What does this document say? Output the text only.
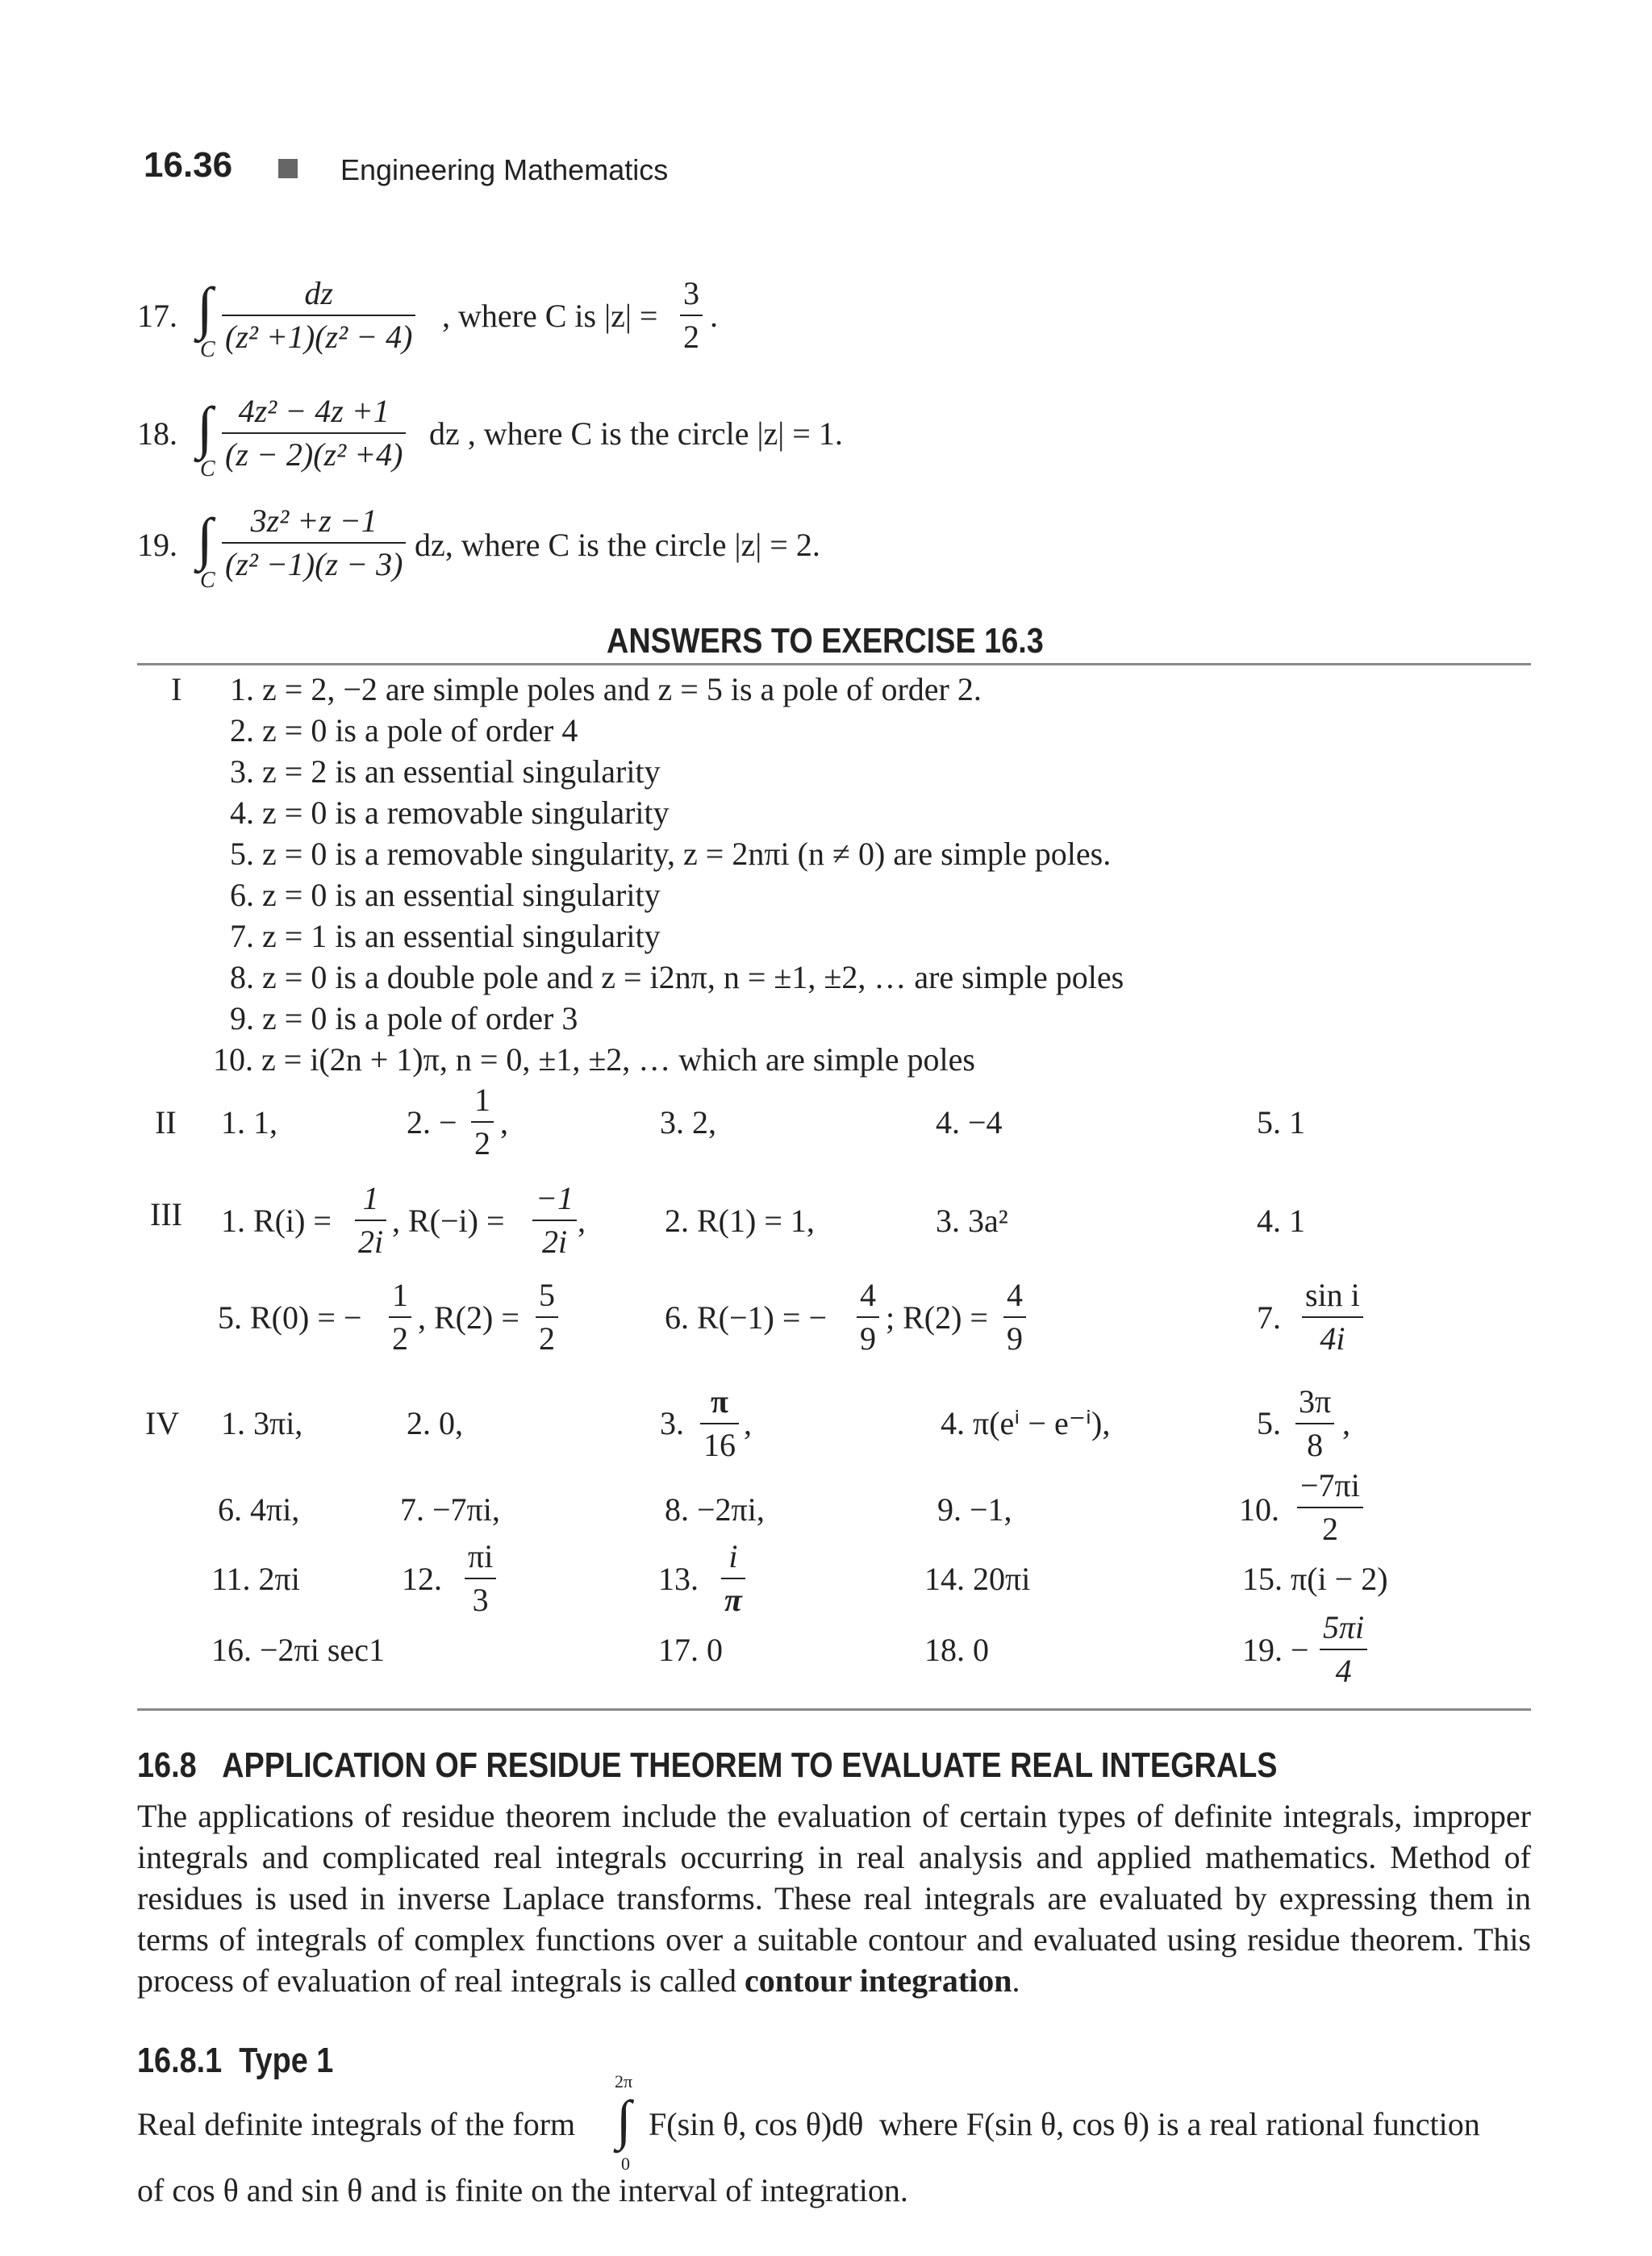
16.36	Engineering Mathematics
17. ∫
C $\frac{dz}{\text{(z² +1)(z² − 4)}}$ , where C is $|z| = \frac{3}{2}$ .
18. ∫
C $\frac{\text{4z² − 4z +1}}{\text{(z − 2)(z² +4)}}$ dz , where C is the circle |z| = 1.
19. ∫
C $\frac{\text{3z² +z −1}}{\text{(z² −1)(z − 3)}}$ dz, where C is the circle |z| = 2.
ANSWERS TO EXERCISE 16.3
I 1. z = 2, −2 are simple poles and z = 5 is a pole of order 2.
2. z = 0 is a pole of order 4
3. z = 2 is an essential singularity
4. z = 0 is a removable singularity
5. z = 0 is a removable singularity, z = 2nπi (n ≠ 0) are simple poles.
6. z = 0 is an essential singularity
7. z = 1 is an essential singularity
8. z = 0 is a double pole and z = i2nπ, n = ±1, ±2, … are simple poles
9. z = 0 is a pole of order 3
10. z = i(2n + 1)π, n = 0, ±1, ±2, … which are simple poles
II 1. 1,	2. − $\frac{1}{2}$ ,	3. 2,	4. −4	5. 1
III 1. $R(i) = \frac{1}{2i}$ , $R(-i) = \frac{-1}{2i}$ , 2. R(1) = 1,	3. 3a²	4. 1
5. R(0) = − $\frac{1}{2}$ , $R(2) = \frac{5}{2}$	6. R(−1) = − $\frac{4}{9}$ ; $R(2) = \frac{4}{9}$	7. $\frac{\text{sin i}}{4i}$
IV 1. 3πi,	2. 0,	3. $\frac{\pi}{16}$ ,	4. π(eⁱ − e⁻ⁱ),	5. $\frac{3\pi}{8}$ ,
6. 4πi,	7. −7πi,	8. −2πi,	9. −1,	10. $\frac{-7\pi i}{2}$
11. 2πi	12. $\frac{\pi i}{3}$	13. $\frac{i}{\pi}$	14. 20πi	15. π(i − 2)
16. −2πi sec1	17. 0	18. 0	19. − $\frac{5\pi i}{4}$
16.8 APPLICATION OF RESIDUE THEOREM TO EVALUATE REAL INTEGRALS

The applications of residue theorem include the evaluation of certain types of definite integrals, improper integrals and complicated real integrals occurring in real analysis and applied mathematics. Method of residues is used in inverse Laplace transforms. These real integrals are evaluated by expressing them in terms of integrals of complex functions over a suitable contour and evaluated using residue theorem. This process of evaluation of real integrals is called contour integration.

16.8.1 Type 1
Real definite integrals of the form
2π
∫
0
F(sin θ, cos θ)dθ where F(sin θ, cos θ) is a real rational function
of cos θ and sin θ and is finite on the interval of integration.
